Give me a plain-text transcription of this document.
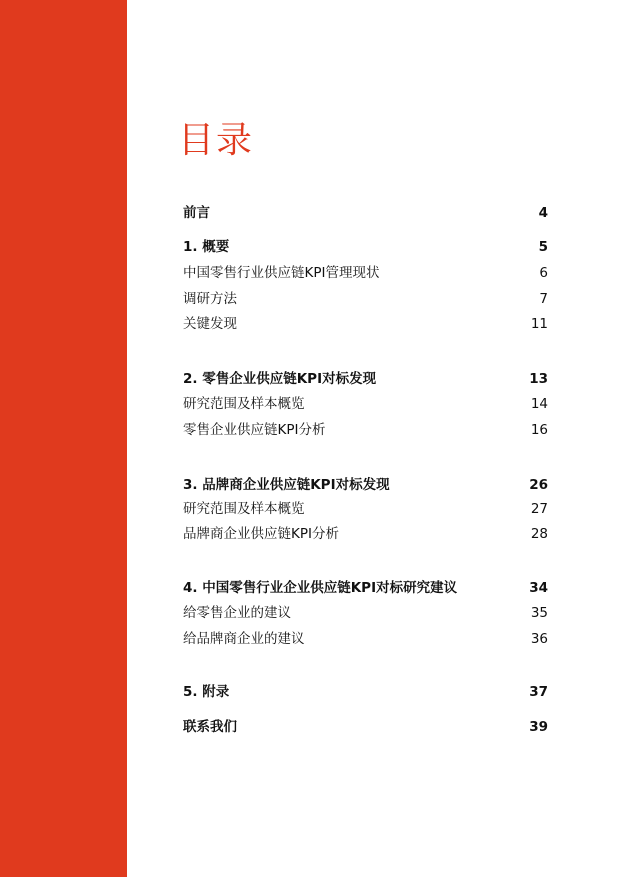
目录
前言	4
1. 概要	5
中国零售行业供应链KPI管理现状	6
调研方法	7
关键发现	11
2. 零售企业供应链KPI对标发现	13
研究范围及样本概览	14
零售企业供应链KPI分析	16
3. 品牌商企业供应链KPI对标发现	26
研究范围及样本概览	27
品牌商企业供应链KPI分析	28
4. 中国零售行业企业供应链KPI对标研究建议	34
给零售企业的建议	35
给品牌商企业的建议	36
5. 附录	37
联系我们	39
